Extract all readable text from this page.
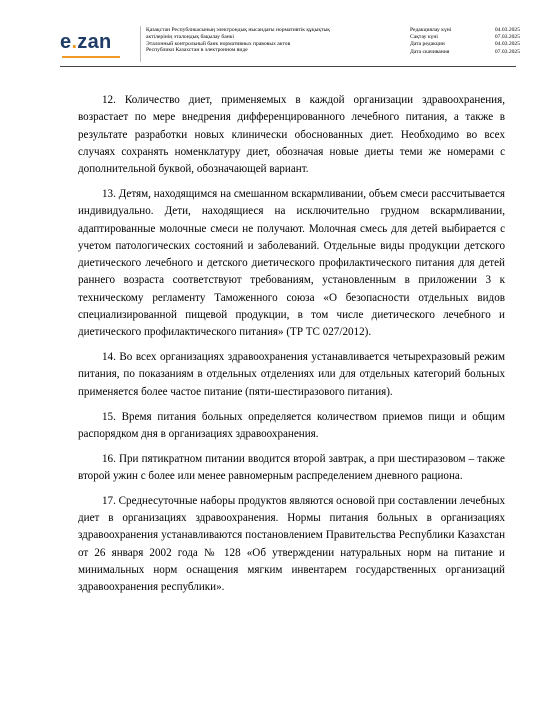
e.zan
Қазақстан Республикасының электрондық нысандағы нормативтік құқықтық
актілерінің эталондық бақылау банкі
Эталонный контрольный банк нормативных правовых актов
Республики Казахстан в электронном виде
Редакциялау күні	04.03.2025
Сақтау күні	07.03.2025
Дата редакции	04.03.2025
Дата скачивания	07.03.2025

12. Количество диет, применяемых в каждой организации здравоохранения, возрастает по мере внедрения дифференцированного лечебного питания, а также в результате разработки новых клинически обоснованных диет. Необходимо во всех случаях сохранять номенклатуру диет, обозначая новые диеты теми же номерами с дополнительной буквой, обозначающей вариант.

13. Детям, находящимся на смешанном вскармливании, объем смеси рассчитывается индивидуально. Дети, находящиеся на исключительно грудном вскармливании, адаптированные молочные смеси не получают. Молочная смесь для детей выбирается с учетом патологических состояний и заболеваний. Отдельные виды продукции детского диетического лечебного и детского диетического профилактического питания для детей раннего возраста соответствуют требованиям, установленным в приложении 3 к техническому регламенту Таможенного союза «О безопасности отдельных видов специализированной пищевой продукции, в том числе диетического лечебного и диетического профилактического питания» (ТР ТС 027/2012).

14. Во всех организациях здравоохранения устанавливается четырехразовый режим питания, по показаниям в отдельных отделениях или для отдельных категорий больных применяется более частое питание (пяти-шестиразового питания).

15. Время питания больных определяется количеством приемов пищи и общим распорядком дня в организациях здравоохранения.

16. При пятикратном питании вводится второй завтрак, а при шестиразовом – также второй ужин с более или менее равномерным распределением дневного рациона.

17. Среднесуточные наборы продуктов являются основой при составлении лечебных диет в организациях здравоохранения. Нормы питания больных в организациях здравоохранения устанавливаются постановлением Правительства Республики Казахстан от 26 января 2002 года № 128 «Об утверждении натуральных норм на питание и минимальных норм оснащения мягким инвентарем государственных организаций здравоохранения республики».
